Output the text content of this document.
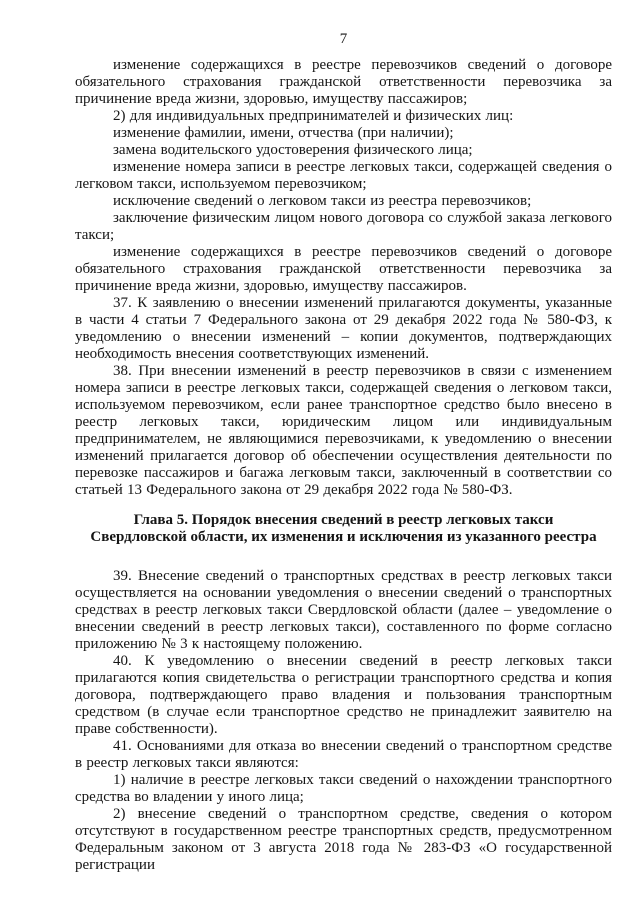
7

изменение содержащихся в реестре перевозчиков сведений о договоре обязательного страхования гражданской ответственности перевозчика за причинение вреда жизни, здоровью, имуществу пассажиров;

2) для индивидуальных предпринимателей и физических лиц:

изменение фамилии, имени, отчества (при наличии);

замена водительского удостоверения физического лица;

изменение номера записи в реестре легковых такси, содержащей сведения о легковом такси, используемом перевозчиком;

исключение сведений о легковом такси из реестра перевозчиков;

заключение физическим лицом нового договора со службой заказа легкового такси;

изменение содержащихся в реестре перевозчиков сведений о договоре обязательного страхования гражданской ответственности перевозчика за причинение вреда жизни, здоровью, имуществу пассажиров.

37. К заявлению о внесении изменений прилагаются документы, указанные в части 4 статьи 7 Федерального закона от 29 декабря 2022 года № 580-ФЗ, к уведомлению о внесении изменений – копии документов, подтверждающих необходимость внесения соответствующих изменений.

38. При внесении изменений в реестр перевозчиков в связи с изменением номера записи в реестре легковых такси, содержащей сведения о легковом такси, используемом перевозчиком, если ранее транспортное средство было внесено в реестр легковых такси, юридическим лицом или индивидуальным предпринимателем, не являющимися перевозчиками, к уведомлению о внесении изменений прилагается договор об обеспечении осуществления деятельности по перевозке пассажиров и багажа легковым такси, заключенный в соответствии со статьей 13 Федерального закона от 29 декабря 2022 года № 580-ФЗ.

Глава 5. Порядок внесения сведений в реестр легковых такси
Свердловской области, их изменения и исключения из указанного реестра

39. Внесение сведений о транспортных средствах в реестр легковых такси осуществляется на основании уведомления о внесении сведений о транспортных средствах в реестр легковых такси Свердловской области (далее – уведомление о внесении сведений в реестр легковых такси), составленного по форме согласно приложению № 3 к настоящему положению.

40. К уведомлению о внесении сведений в реестр легковых такси прилагаются копия свидетельства о регистрации транспортного средства и копия договора, подтверждающего право владения и пользования транспортным средством (в случае если транспортное средство не принадлежит заявителю на праве собственности).

41. Основаниями для отказа во внесении сведений о транспортном средстве в реестр легковых такси являются:

1) наличие в реестре легковых такси сведений о нахождении транспортного средства во владении у иного лица;

2) внесение сведений о транспортном средстве, сведения о котором отсутствуют в государственном реестре транспортных средств, предусмотренном Федеральным законом от 3 августа 2018 года № 283-ФЗ «О государственной регистрации
